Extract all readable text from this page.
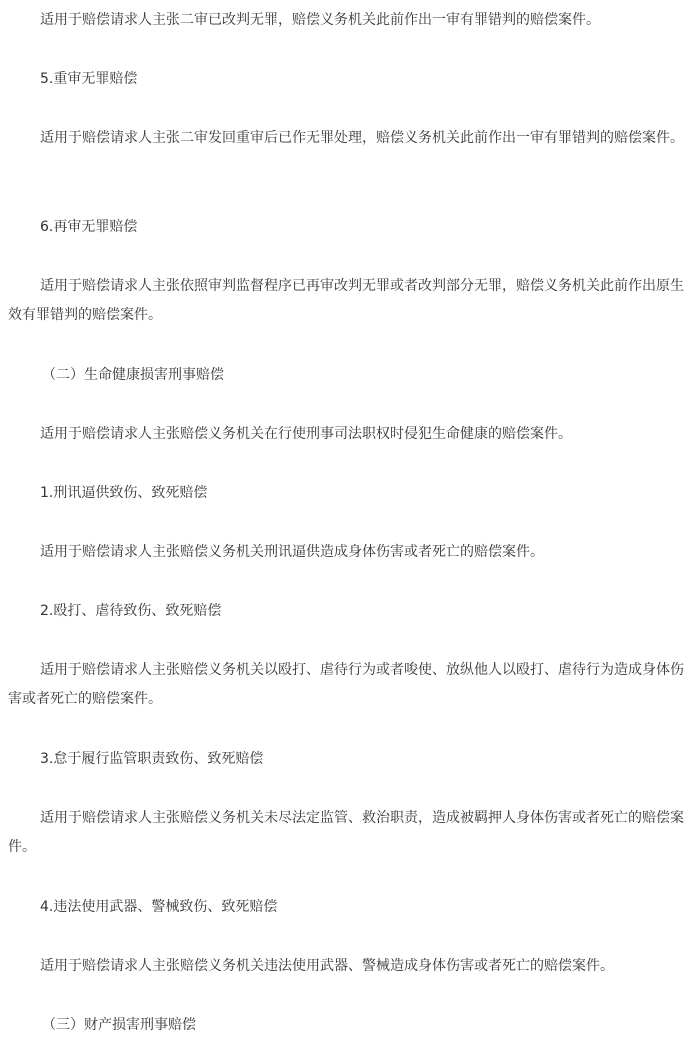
适用于赔偿请求人主张二审已改判无罪，赔偿义务机关此前作出一审有罪错判的赔偿案件。

5.重审无罪赔偿

适用于赔偿请求人主张二审发回重审后已作无罪处理，赔偿义务机关此前作出一审有罪错判的赔偿案件。

6.再审无罪赔偿

适用于赔偿请求人主张依照审判监督程序已再审改判无罪或者改判部分无罪，赔偿义务机关此前作出原生效有罪错判的赔偿案件。

（二）生命健康损害刑事赔偿

适用于赔偿请求人主张赔偿义务机关在行使刑事司法职权时侵犯生命健康的赔偿案件。

1.刑讯逼供致伤、致死赔偿

适用于赔偿请求人主张赔偿义务机关刑讯逼供造成身体伤害或者死亡的赔偿案件。

2.殴打、虐待致伤、致死赔偿

适用于赔偿请求人主张赔偿义务机关以殴打、虐待行为或者唆使、放纵他人以殴打、虐待行为造成身体伤害或者死亡的赔偿案件。

3.怠于履行监管职责致伤、致死赔偿

适用于赔偿请求人主张赔偿义务机关未尽法定监管、救治职责，造成被羁押人身体伤害或者死亡的赔偿案件。

4.违法使用武器、警械致伤、致死赔偿

适用于赔偿请求人主张赔偿义务机关违法使用武器、警械造成身体伤害或者死亡的赔偿案件。

（三）财产损害刑事赔偿
